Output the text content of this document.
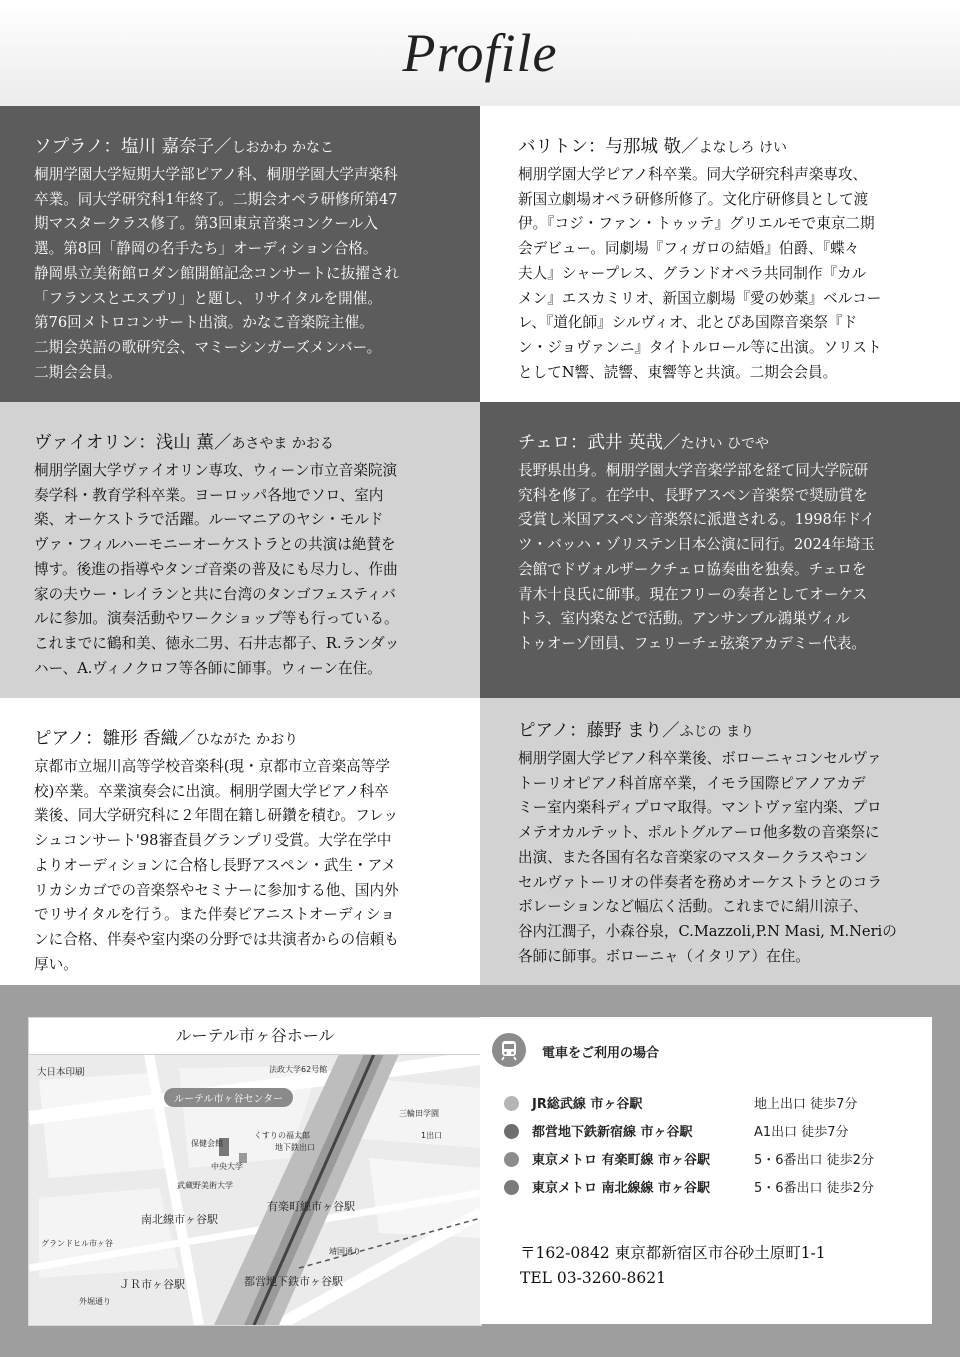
Profile

ソプラノ：塩川 嘉奈子／しおかわ かなこ

桐朋学園大学短期大学部ピアノ科、桐朋学園大学声楽科
卒業。同大学研究科1年終了。二期会オペラ研修所第47
期マスタークラス修了。第3回東京音楽コンクール入
選。第8回「静岡の名手たち」オーディション合格。
静岡県立美術館ロダン館開館記念コンサートに抜擢され
「フランスとエスプリ」と題し、リサイタルを開催。
第76回メトロコンサート出演。かなこ音楽院主催。
二期会英語の歌研究会、マミーシンガーズメンバー。
二期会会員。

バリトン：与那城 敬／よなしろ けい

桐朋学園大学ピアノ科卒業。同大学研究科声楽専攻、
新国立劇場オペラ研修所修了。文化庁研修員として渡
伊。『コジ・ファン・トゥッテ』グリエルモで東京二期
会デビュー。同劇場『フィガロの結婚』伯爵、『蝶々
夫人』シャープレス、グランドオペラ共同制作『カル
メン』エスカミリオ、新国立劇場『愛の妙薬』ベルコー
レ、『道化師』シルヴィオ、北とぴあ国際音楽祭『ド
ン・ジョヴァンニ』タイトルロール等に出演。ソリスト
としてN響、読響、東響等と共演。二期会会員。

ヴァイオリン：浅山 薫／あさやま かおる

桐朋学園大学ヴァイオリン専攻、ウィーン市立音楽院演
奏学科・教育学科卒業。ヨーロッパ各地でソロ、室内
楽、オーケストラで活躍。ルーマニアのヤシ・モルド
ヴァ・フィルハーモニーオーケストラとの共演は絶賛を
博す。後進の指導やタンゴ音楽の普及にも尽力し、作曲
家の夫ウー・レイランと共に台湾のタンゴフェスティバ
ルに参加。演奏活動やワークショップ等も行っている。
これまでに鶴和美、徳永二男、石井志都子、R.ランダッ
ハー、A.ヴィノクロフ等各師に師事。ウィーン在住。

チェロ：武井 英哉／たけい ひでや

長野県出身。桐朋学園大学音楽学部を経て同大学院研
究科を修了。在学中、長野アスペン音楽祭で奨励賞を
受賞し米国アスペン音楽祭に派遣される。1998年ドイ
ツ・バッハ・ゾリステン日本公演に同行。2024年埼玉
会館でドヴォルザークチェロ協奏曲を独奏。チェロを
青木十良氏に師事。現在フリーの奏者としてオーケス
トラ、室内楽などで活動。アンサンブル鴻巣ヴィル
トゥオーゾ団員、フェリーチェ弦楽アカデミー代表。

ピアノ：雛形 香織／ひながた かおり

京都市立堀川高等学校音楽科(現・京都市立音楽高等学
校)卒業。卒業演奏会に出演。桐朋学園大学ピアノ科卒
業後、同大学研究科に２年間在籍し研鑽を積む。フレッ
シュコンサート'98審査員グランプリ受賞。大学在学中
よりオーディションに合格し長野アスペン・武生・アメ
リカシカゴでの音楽祭やセミナーに参加する他、国内外
でリサイタルを行う。また伴奏ピアニストオーディショ
ンに合格、伴奏や室内楽の分野では共演者からの信頼も
厚い。

ピアノ：藤野 まり／ふじの まり

桐朋学園大学ピアノ科卒業後、ボローニャコンセルヴァ
トーリオピアノ科首席卒業，イモラ国際ピアノアカデ
ミー室内楽科ディプロマ取得。マントヴァ室内楽、プロ
メテオカルテット、ポルトグルアーロ他多数の音楽祭に
出演、また各国有名な音楽家のマスタークラスやコン
セルヴァトーリオの伴奏者を務めオーケストラとのコラ
ボレーションなど幅広く活動。これまでに絹川涼子、
谷内江潤子，小森谷泉，C.Mazzoli,P.N Masi, M.Neriの
各師に師事。ボローニャ（イタリア）在住。
ルーテル市ヶ谷ホール
大日本印刷	法政大学62号館
ルーテル市ヶ谷センター
三輪田学園
くすりの福太郎
地下鉄出口
保健会館
中央大学
武蔵野美術大学
1出口
有楽町線市ヶ谷駅
南北線市ヶ谷駅
グランドヒル市ヶ谷
靖国通り
ＪＲ市ヶ谷駅	都営地下鉄市ヶ谷駅
外堀通り
電車をご利用の場合
JR総武線 市ヶ谷駅	地上出口 徒歩7分
都営地下鉄新宿線 市ヶ谷駅	A1出口 徒歩7分
東京メトロ 有楽町線 市ヶ谷駅	5・6番出口 徒歩2分
東京メトロ 南北線線 市ヶ谷駅	5・6番出口 徒歩2分
〒162-0842 東京都新宿区市谷砂土原町1-1
TEL 03-3260-8621
